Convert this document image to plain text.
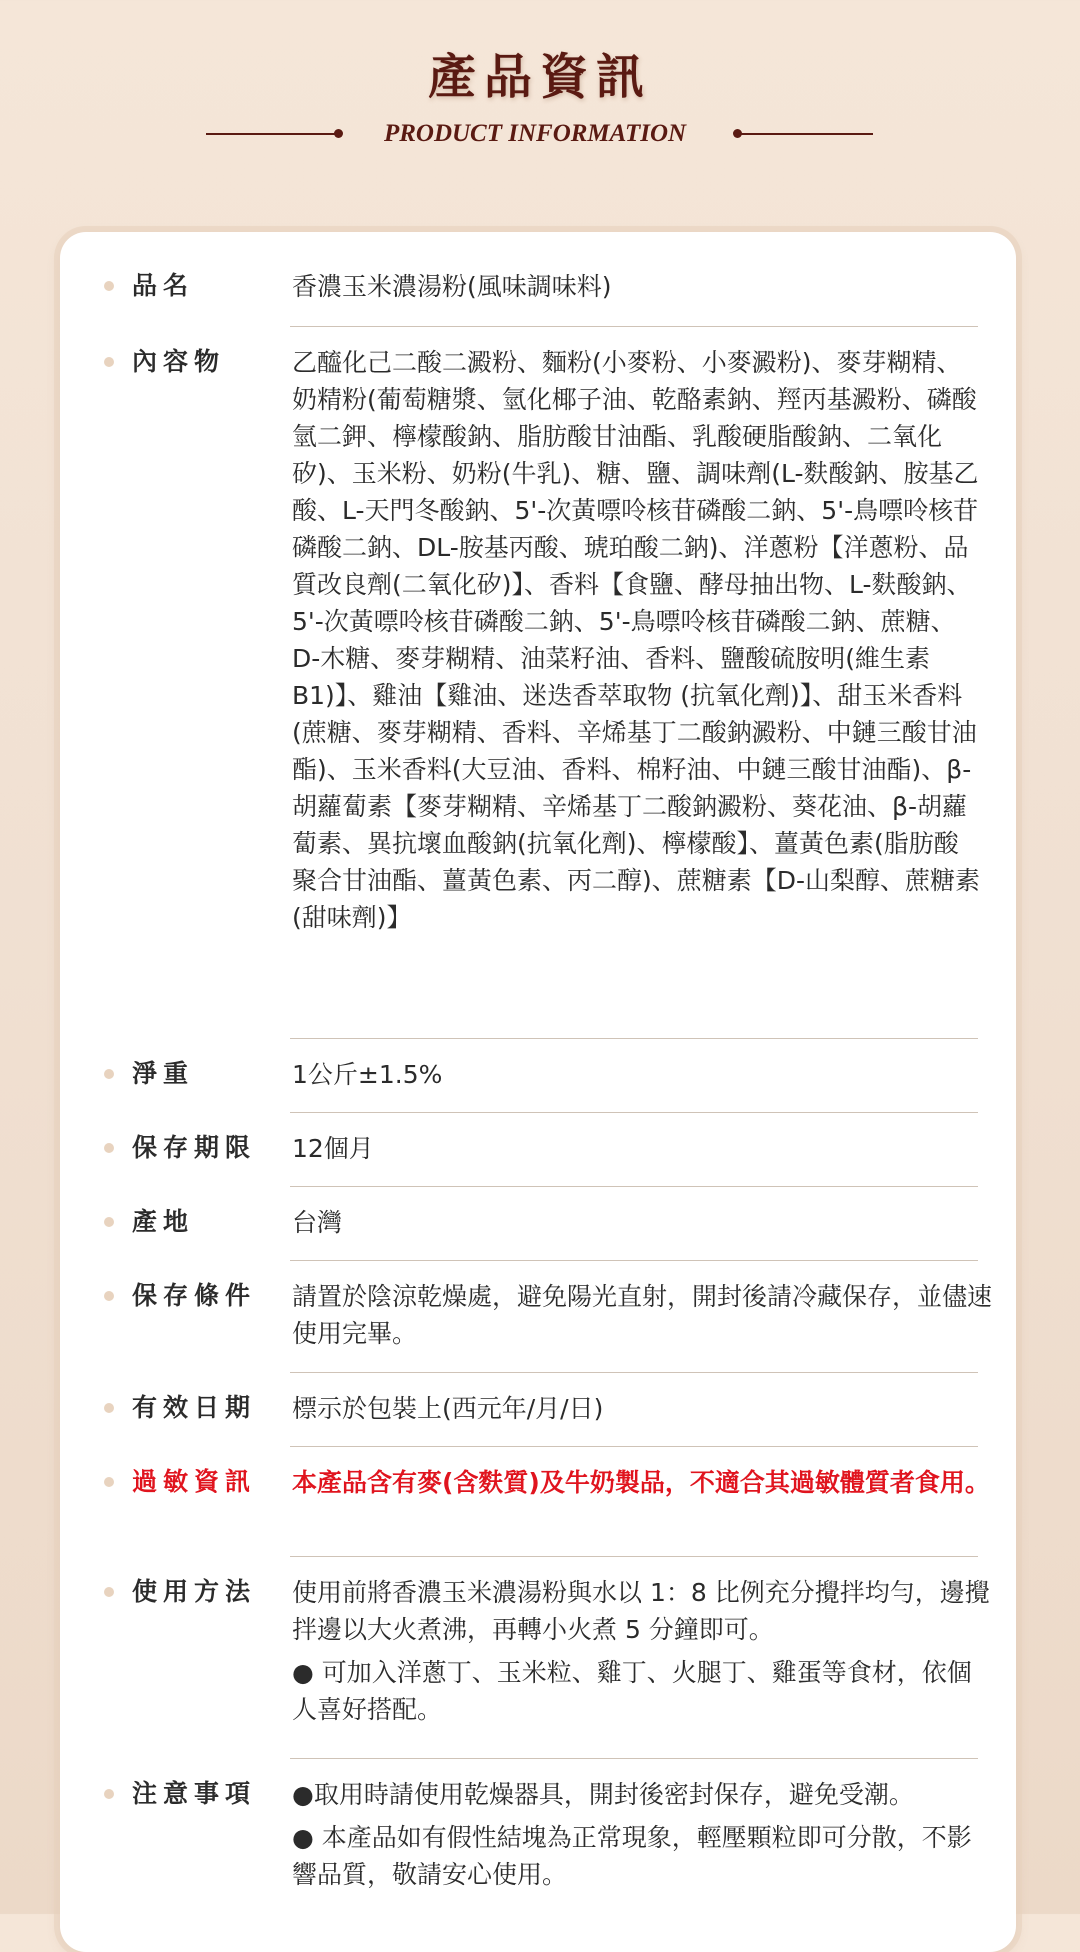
產品資訊
PRODUCT INFORMATION
品名	香濃玉米濃湯粉(風味調味料)
內容物	乙醯化己二酸二澱粉、麵粉(小麥粉、小麥澱粉)、麥芽糊精、奶精粉(葡萄糖漿、氫化椰子油、乾酪素鈉、羥丙基澱粉、磷酸氫二鉀、檸檬酸鈉、脂肪酸甘油酯、乳酸硬脂酸鈉、二氧化矽)、玉米粉、奶粉(牛乳)、糖、鹽、調味劑(L-麩酸鈉、胺基乙酸、L-天門冬酸鈉、5'-次黃嘌呤核苷磷酸二鈉、5'-鳥嘌呤核苷磷酸二鈉、DL-胺基丙酸、琥珀酸二鈉)、洋蔥粉【洋蔥粉、品質改良劑(二氧化矽)】、香料【食鹽、酵母抽出物、L-麩酸鈉、5'-次黃嘌呤核苷磷酸二鈉、5'-鳥嘌呤核苷磷酸二鈉、蔗糖、D-木糖、麥芽糊精、油菜籽油、香料、鹽酸硫胺明(維生素B1)】、雞油【雞油、迷迭香萃取物 (抗氧化劑)】、甜玉米香料(蔗糖、麥芽糊精、香料、辛烯基丁二酸鈉澱粉、中鏈三酸甘油酯)、玉米香料(大豆油、香料、棉籽油、中鏈三酸甘油酯)、β-胡蘿蔔素【麥芽糊精、辛烯基丁二酸鈉澱粉、葵花油、β-胡蘿蔔素、異抗壞血酸鈉(抗氧化劑)、檸檬酸】、薑黃色素(脂肪酸聚合甘油酯、薑黃色素、丙二醇)、蔗糖素【D-山梨醇、蔗糖素(甜味劑)】
淨重	1公斤±1.5%
保存期限 12個月
產地	台灣
保存條件 請置於陰涼乾燥處，避免陽光直射，開封後請冷藏保存，並儘速使用完畢。
有效日期 標示於包裝上(西元年/月/日)
過敏資訊 本產品含有麥(含麩質)及牛奶製品，不適合其過敏體質者食用。
使用方法 使用前將香濃玉米濃湯粉與水以 1：8 比例充分攪拌均勻，邊攪拌邊以大火煮沸，再轉小火煮 5 分鐘即可。

● 可加入洋蔥丁、玉米粒、雞丁、火腿丁、雞蛋等食材，依個人喜好搭配。

注意事項 ●取用時請使用乾燥器具，開封後密封保存，避免受潮。

● 本產品如有假性結塊為正常現象，輕壓顆粒即可分散，不影響品質，敬請安心使用。
